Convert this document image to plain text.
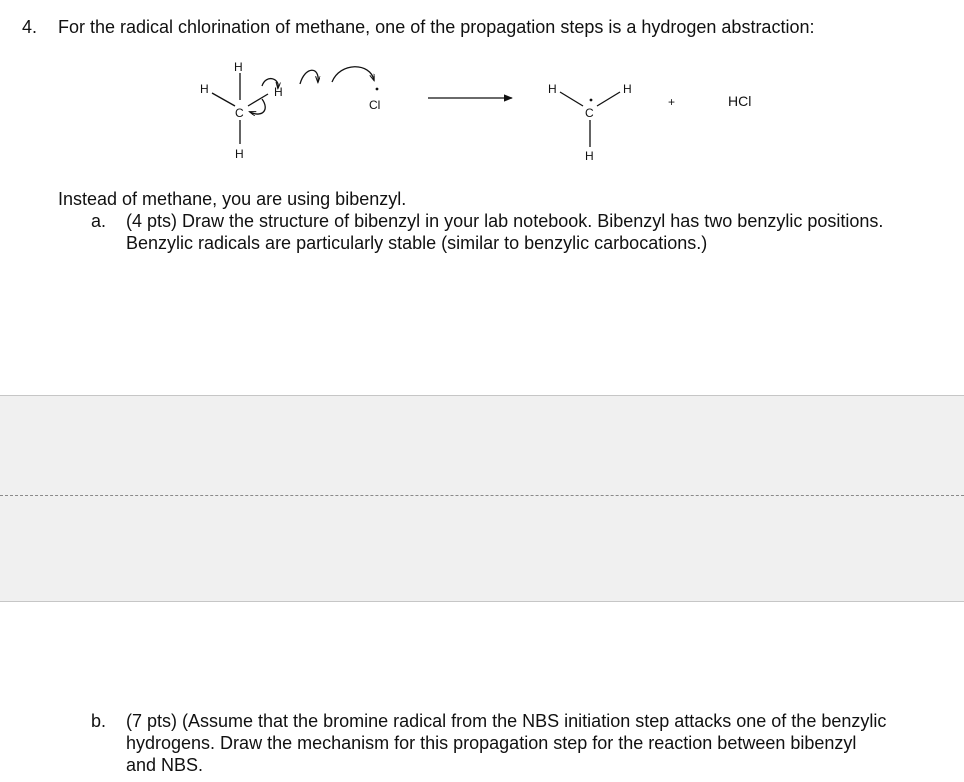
4. For the radical chlorination of methane, one of the propagation steps is a hydrogen abstraction:
H
H
C
H
H
Cl
H	H
C
H
+	HCl
Instead of methane, you are using bibenzyl.
a. (4 pts) Draw the structure of bibenzyl in your lab notebook. Bibenzyl has two benzylic positions.
Benzylic radicals are particularly stable (similar to benzylic carbocations.)
b. (7 pts) (Assume that the bromine radical from the NBS initiation step attacks one of the benzylic
hydrogens. Draw the mechanism for this propagation step for the reaction between bibenzyl
and NBS.
